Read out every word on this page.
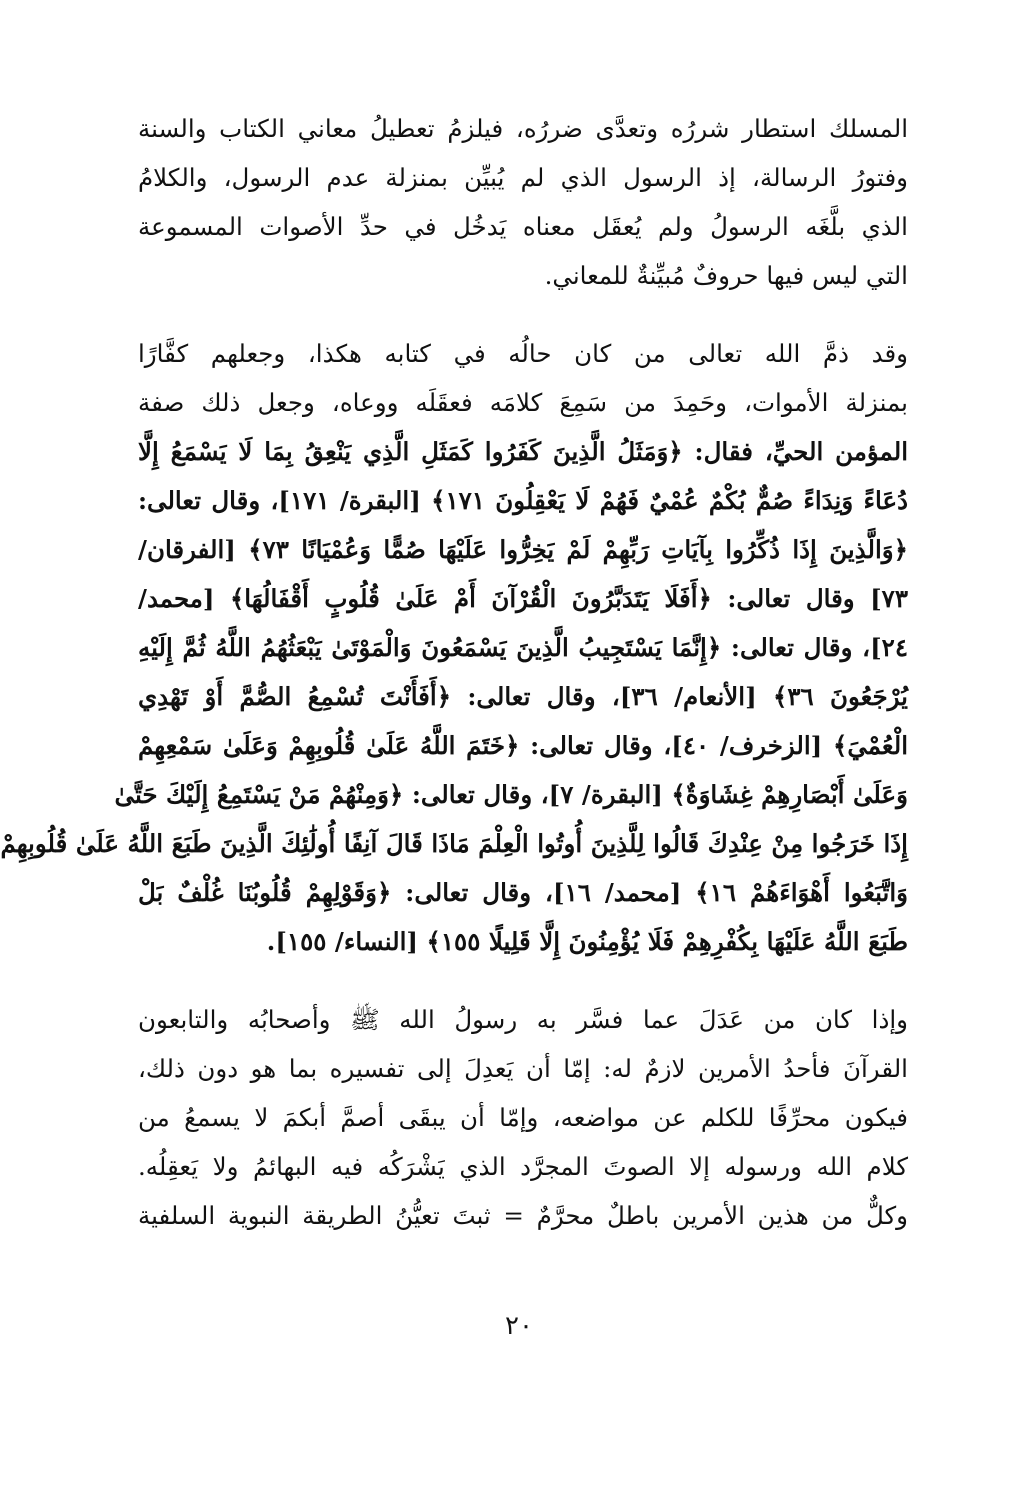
المسلك استطار شررُه وتعدَّى ضررُه، فيلزمُ تعطيلُ معاني الكتاب والسنة
وفتورُ الرسالة، إذ الرسول الذي لم يُبيِّن بمنزلة عدم الرسول، والكلامُ
الذي بلَّغَه الرسولُ ولم يُعقَل معناه يَدخُل في حدِّ الأصوات المسموعة
التي ليس فيها حروفٌ مُبيِّنةٌ للمعاني.
وقد ذمَّ الله تعالى من كان حالُه في كتابه هكذا، وجعلهم كفَّارًا
بمنزلة الأموات، وحَمِدَ من سَمِعَ كلامَه فعقَلَه ووعاه، وجعل ذلك صفة
المؤمن الحيِّ، فقال: ﴿وَمَثَلُ الَّذِينَ كَفَرُوا كَمَثَلِ الَّذِي يَنْعِقُ بِمَا لَا يَسْمَعُ إِلَّا
دُعَاءً وَنِدَاءً صُمٌّ بُكْمٌ عُمْيٌ فَهُمْ لَا يَعْقِلُونَ ١٧١﴾ [البقرة/ ١٧١]، وقال تعالى:
﴿وَالَّذِينَ إِذَا ذُكِّرُوا بِآيَاتِ رَبِّهِمْ لَمْ يَخِرُّوا عَلَيْهَا صُمًّا وَعُمْيَانًا ٧٣﴾ [الفرقان/
٧٣] وقال تعالى: ﴿أَفَلَا يَتَدَبَّرُونَ الْقُرْآنَ أَمْ عَلَىٰ قُلُوبٍ أَقْفَالُهَا﴾ [محمد/
٢٤]، وقال تعالى: ﴿إِنَّمَا يَسْتَجِيبُ الَّذِينَ يَسْمَعُونَ وَالْمَوْتَىٰ يَبْعَثُهُمُ اللَّهُ ثُمَّ إِلَيْهِ
يُرْجَعُونَ ٣٦﴾ [الأنعام/ ٣٦]، وقال تعالى: ﴿أَفَأَنْتَ تُسْمِعُ الصُّمَّ أَوْ تَهْدِي
الْعُمْيَ﴾ [الزخرف/ ٤٠]، وقال تعالى: ﴿خَتَمَ اللَّهُ عَلَىٰ قُلُوبِهِمْ وَعَلَىٰ سَمْعِهِمْ
وَعَلَىٰ أَبْصَارِهِمْ غِشَاوَةٌ﴾ [البقرة/ ٧]، وقال تعالى: ﴿وَمِنْهُمْ مَنْ يَسْتَمِعُ إِلَيْكَ حَتَّىٰ
إِذَا خَرَجُوا مِنْ عِنْدِكَ قَالُوا لِلَّذِينَ أُوتُوا الْعِلْمَ مَاذَا قَالَ آنِفًا أُولَٰئِكَ الَّذِينَ طَبَعَ اللَّهُ عَلَىٰ قُلُوبِهِمْ
وَاتَّبَعُوا أَهْوَاءَهُمْ ١٦﴾ [محمد/ ١٦]، وقال تعالى: ﴿وَقَوْلِهِمْ قُلُوبُنَا غُلْفٌ بَلْ
طَبَعَ اللَّهُ عَلَيْهَا بِكُفْرِهِمْ فَلَا يُؤْمِنُونَ إِلَّا قَلِيلًا ١٥٥﴾ [النساء/ ١٥٥].
وإذا كان من عَدَلَ عما فسَّر به رسولُ الله ﷺ وأصحابُه والتابعون
القرآنَ فأحدُ الأمرين لازمٌ له: إمّا أن يَعدِلَ إلى تفسيره بما هو دون ذلك،
فيكون محرِّفًا للكلم عن مواضعه، وإمّا أن يبقَى أصمَّ أبكمَ لا يسمعُ من
كلام الله ورسوله إلا الصوتَ المجرَّد الذي يَشْرَكُه فيه البهائمُ ولا يَعقِلُه.
وكلٌّ من هذين الأمرين باطلٌ محرَّمٌ = ثبتَ تعيُّنُ الطريقة النبوية السلفية
٢٠
